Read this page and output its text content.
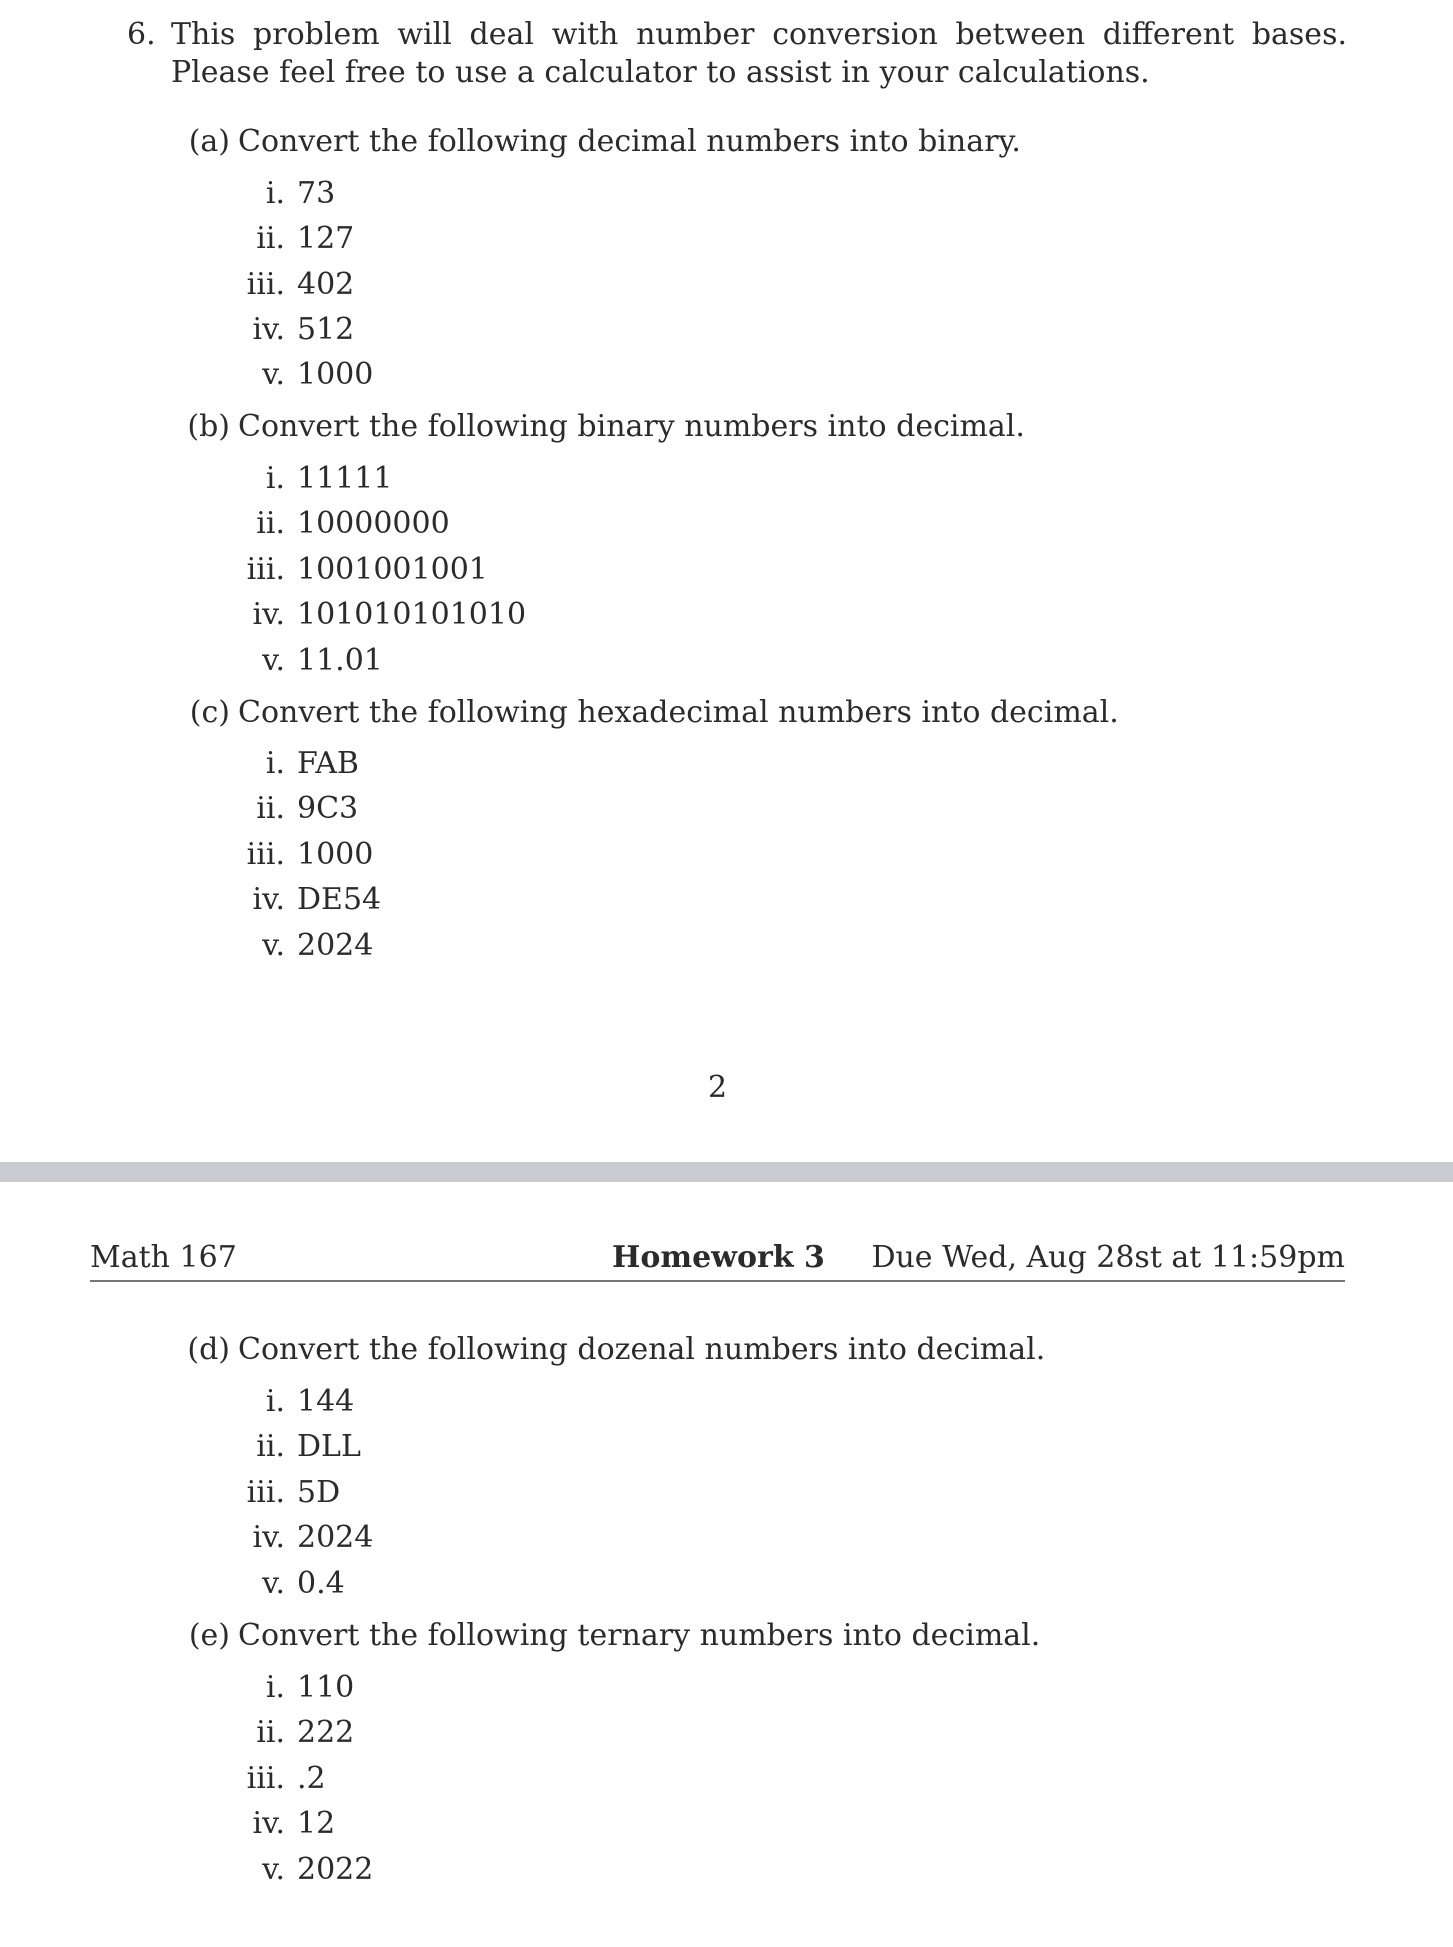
6. This problem will deal with number conversion between different bases. Please feel free to use a calculator to assist in your calculations.
(a) Convert the following decimal numbers into binary.
i. 73
ii. 127
iii. 402
iv. 512
v. 1000
(b) Convert the following binary numbers into decimal.
i. 11111
ii. 10000000
iii. 1001001001
iv. 101010101010
v. 11.01
(c) Convert the following hexadecimal numbers into decimal.
i. FAB
ii. 9C3
iii. 1000
iv. DE54
v. 2024
2
Math 167	Homework 3 Due Wed, Aug 28st at 11:59pm
(d) Convert the following dozenal numbers into decimal.
i. 144
ii. DLL
iii. 5D
iv. 2024
v. 0.4
(e) Convert the following ternary numbers into decimal.
i. 110
ii. 222
iii. .2
iv. 12
v. 2022
